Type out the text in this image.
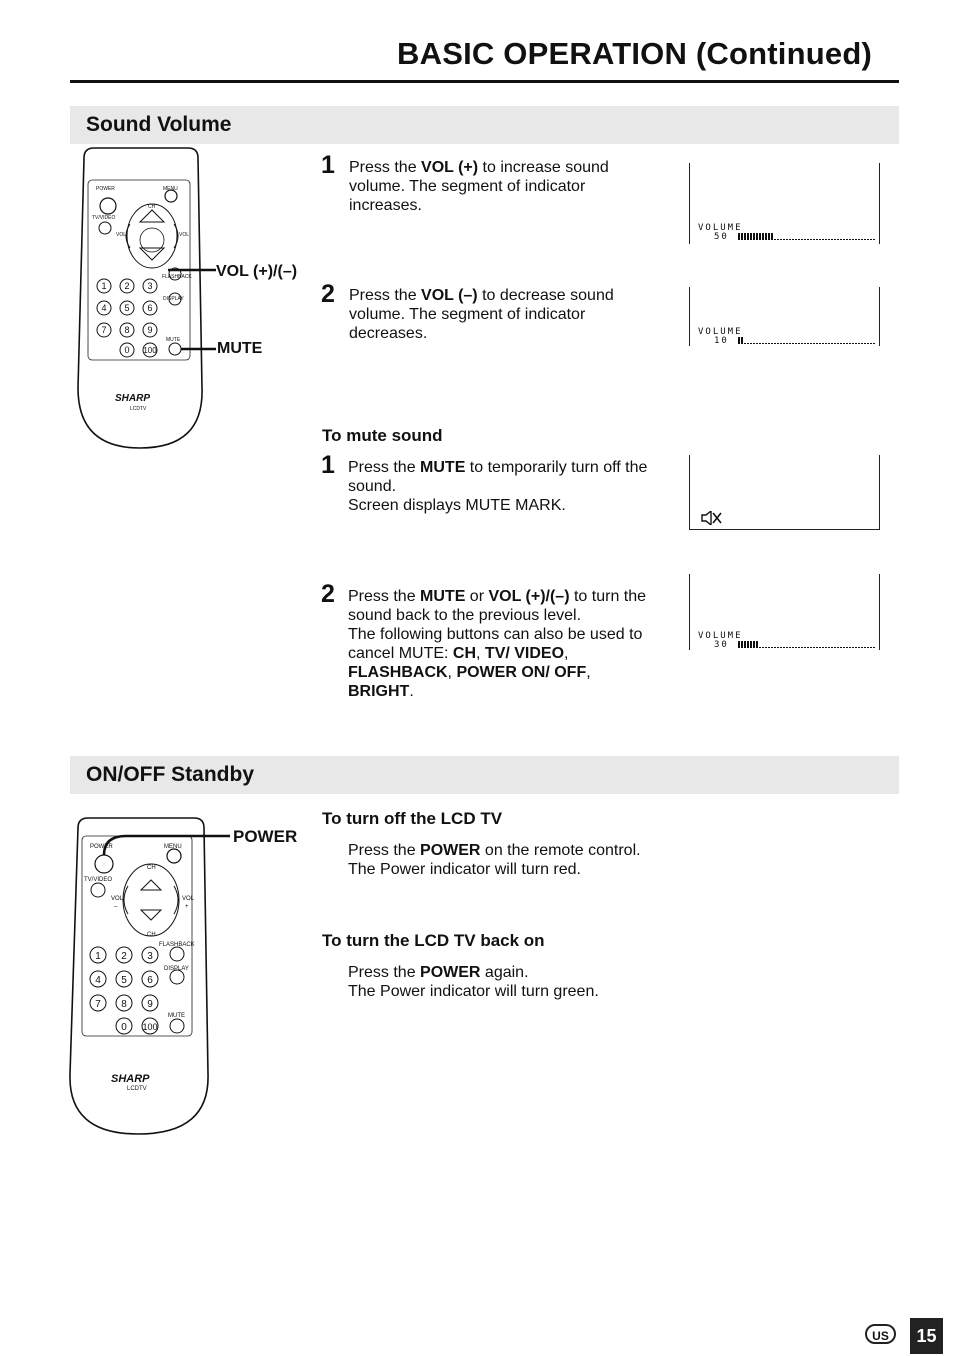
BASIC OPERATION (Continued)
Sound Volume
1 2 3
4 5 6
7 8 9
0 100
POWER	MENU
TV/VIDEO
CH
VOL	VOL
FLASHBACK
DISPLAY
MUTE
LCDTV
SHARP
VOL (+)/(–)
MUTE
1 Press the VOL (+) to increase sound volume. The segment of indicator increases.
2 Press the VOL (–) to decrease sound volume. The segment of indicator decreases.
To mute sound
1 Press the MUTE to temporarily turn off the sound.
Screen displays MUTE MARK.
2 Press the MUTE or VOL (+)/(–) to turn the sound back to the previous level.
The following buttons can also be used to cancel MUTE: CH, TV/ VIDEO, FLASHBACK, POWER ON/ OFF, BRIGHT.
VOLUME
50
VOLUME
10
VOLUME
30
ON/OFF Standby
1 2 3
4 5 6
7 8 9
0 100
POWER	MENU
TV/VIDEO
CH
CH
VOL	VOL
–	+
FLASHBACK
DISPLAY
MUTE
LCDTV
SHARP
POWER
To turn off the LCD TV
Press the POWER on the remote control.
The Power indicator will turn red.
To turn the LCD TV back on
Press the POWER again.
The Power indicator will turn green.
US	15
